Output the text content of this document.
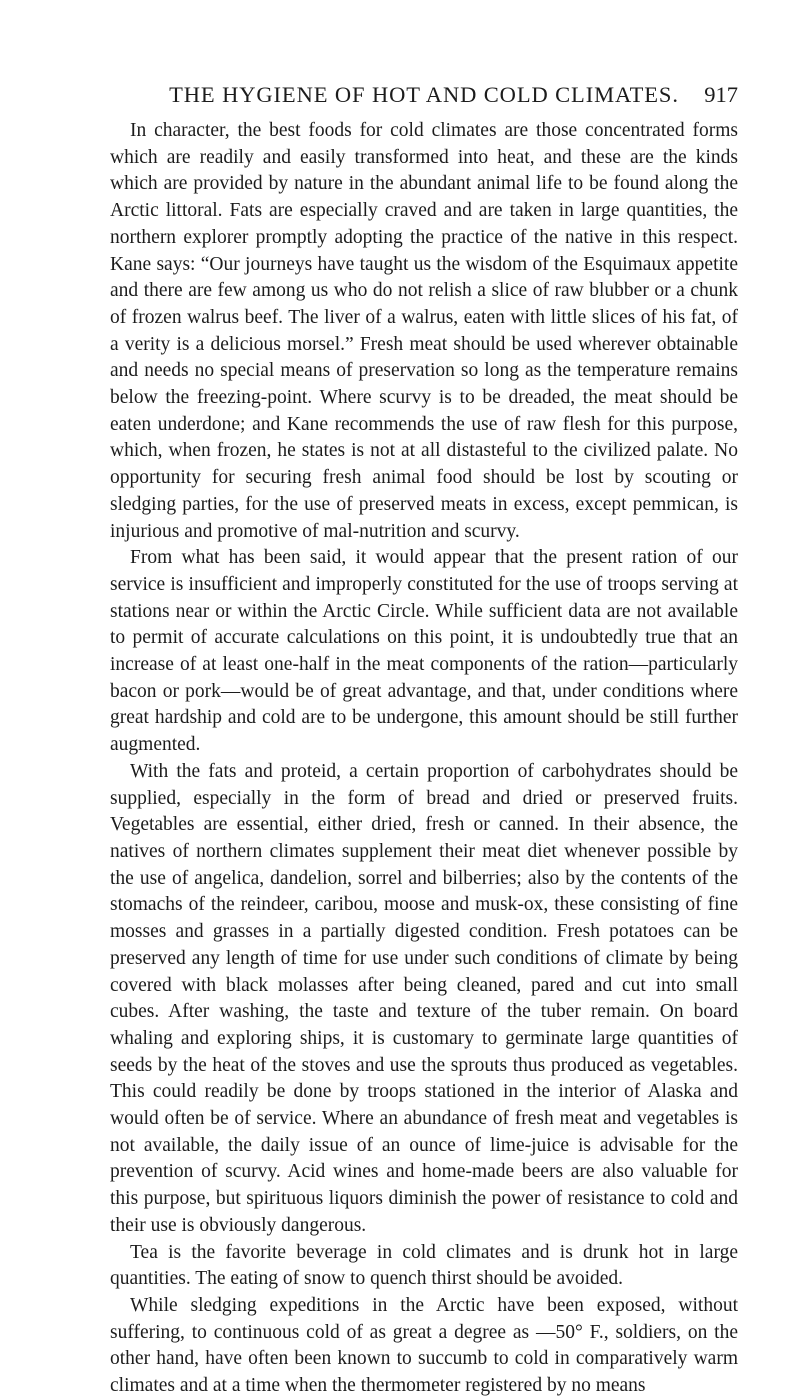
THE HYGIENE OF HOT AND COLD CLIMATES.	917

In character, the best foods for cold climates are those concentrated forms which are readily and easily transformed into heat, and these are the kinds which are provided by nature in the abundant animal life to be found along the Arctic littoral. Fats are especially craved and are taken in large quantities, the northern explorer promptly adopting the practice of the native in this respect. Kane says: “Our journeys have taught us the wisdom of the Esquimaux appetite and there are few among us who do not relish a slice of raw blubber or a chunk of frozen walrus beef. The liver of a walrus, eaten with little slices of his fat, of a verity is a delicious morsel.” Fresh meat should be used wherever obtainable and needs no special means of preservation so long as the temperature remains below the freezing-point. Where scurvy is to be dreaded, the meat should be eaten underdone; and Kane recommends the use of raw flesh for this purpose, which, when frozen, he states is not at all distasteful to the civilized palate. No opportunity for securing fresh animal food should be lost by scouting or sledging parties, for the use of preserved meats in excess, except pemmican, is injurious and promotive of mal-nutrition and scurvy.

From what has been said, it would appear that the present ration of our service is insufficient and improperly constituted for the use of troops serving at stations near or within the Arctic Circle. While sufficient data are not available to permit of accurate calculations on this point, it is undoubtedly true that an increase of at least one-half in the meat components of the ration—particularly bacon or pork—would be of great advantage, and that, under conditions where great hardship and cold are to be undergone, this amount should be still further augmented.

With the fats and proteid, a certain proportion of carbohydrates should be supplied, especially in the form of bread and dried or preserved fruits. Vegetables are essential, either dried, fresh or canned. In their absence, the natives of northern climates supplement their meat diet whenever possible by the use of angelica, dandelion, sorrel and bilberries; also by the contents of the stomachs of the reindeer, caribou, moose and musk-ox, these consisting of fine mosses and grasses in a partially digested condition. Fresh potatoes can be preserved any length of time for use under such conditions of climate by being covered with black molasses after being cleaned, pared and cut into small cubes. After washing, the taste and texture of the tuber remain. On board whaling and exploring ships, it is customary to germinate large quantities of seeds by the heat of the stoves and use the sprouts thus produced as vegetables. This could readily be done by troops stationed in the interior of Alaska and would often be of service. Where an abundance of fresh meat and vegetables is not available, the daily issue of an ounce of lime-juice is advisable for the prevention of scurvy. Acid wines and home-made beers are also valuable for this purpose, but spirituous liquors diminish the power of resistance to cold and their use is obviously dangerous.

Tea is the favorite beverage in cold climates and is drunk hot in large quantities. The eating of snow to quench thirst should be avoided.

While sledging expeditions in the Arctic have been exposed, without suffering, to continuous cold of as great a degree as —50° F., soldiers, on the other hand, have often been known to succumb to cold in comparatively warm climates and at a time when the thermometer registered by no means
